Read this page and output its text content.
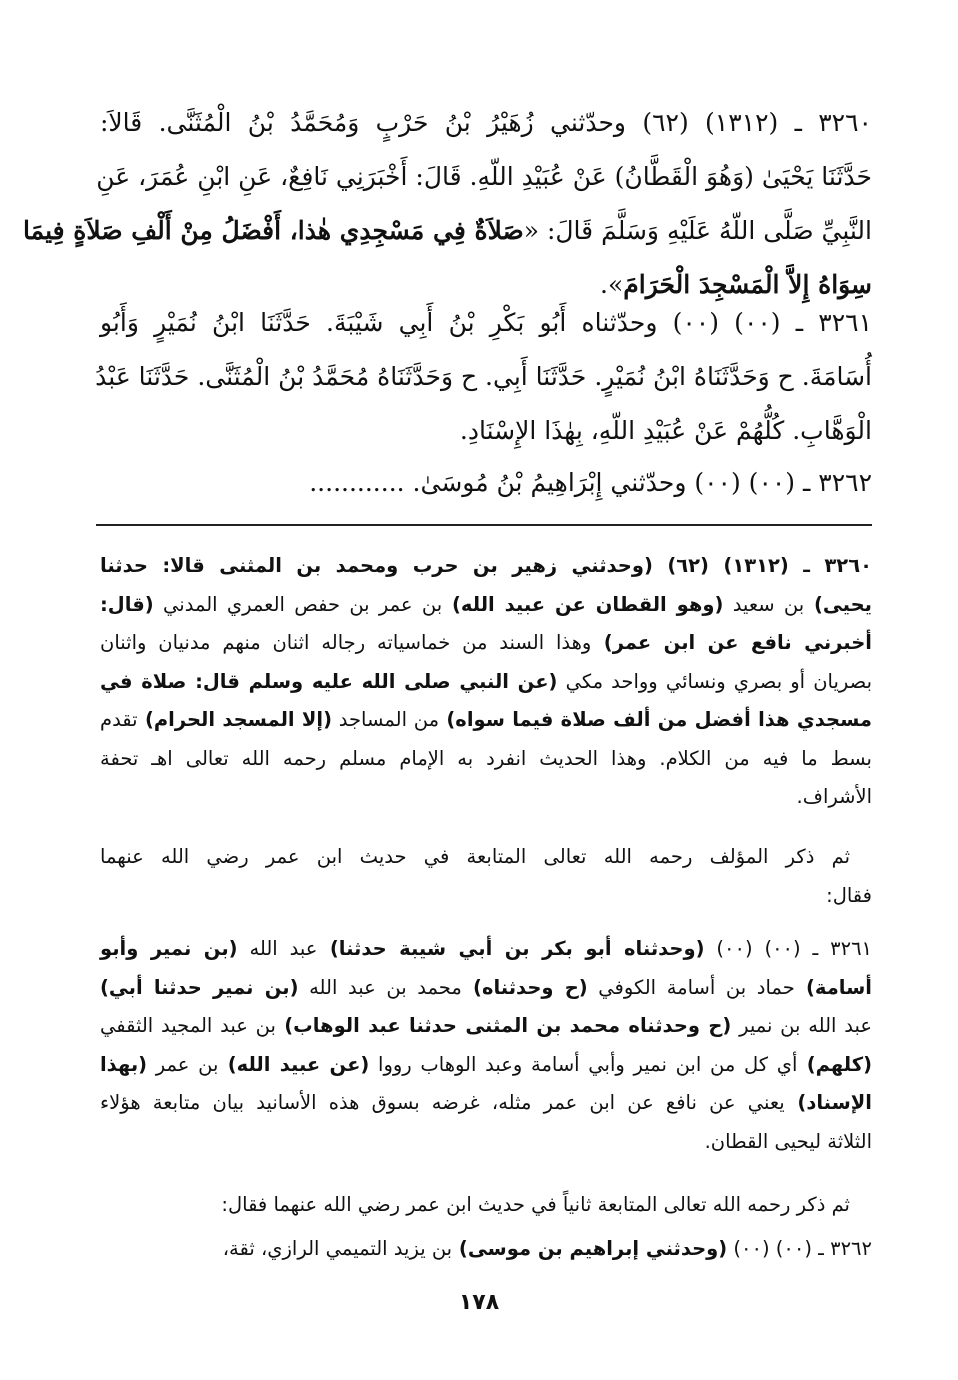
٣٢٦٠ ـ (١٣١٢) (٦٢) وحدّثني زُهَيْرُ بْنُ حَرْبٍ وَمُحَمَّدُ بْنُ الْمُثَنَّى. قَالاَ:
حَدَّثَنَا يَحْيَىٰ (وَهُوَ الْقَطَّانُ) عَنْ عُبَيْدِ اللّهِ. قَالَ: أَخْبَرَنِي نَافِعٌ، عَنِ ابْنِ عُمَرَ، عَنِ
النَّبِيِّ صَلَّى اللّهُ عَلَيْهِ وَسَلَّمَ قَالَ: «صَلاَةٌ فِي مَسْجِدِي هٰذا، أَفْضَلُ مِنْ أَلْفِ صَلاَةٍ فِيمَا
سِوَاهُ إِلاَّ الْمَسْجِدَ الْحَرَامَ».
٣٢٦١ ـ (٠٠) (٠٠) وحدّثناه أَبُو بَكْرِ بْنُ أَبِي شَيْبَةَ. حَدَّثَنَا ابْنُ نُمَيْرٍ وَأَبُو
أُسَامَةَ. ح وَحَدَّثَنَاهُ ابْنُ نُمَيْرٍ. حَدَّثَنَا أَبِي. ح وَحَدَّثَنَاهُ مُحَمَّدُ بْنُ الْمُثَنَّى. حَدَّثَنَا عَبْدُ
الْوَهَّابِ. كُلُّهُمْ عَنْ عُبَيْدِ اللّهِ، بِهٰذَا الإِسْنَادِ.
٣٢٦٢ ـ (٠٠) (٠٠) وحدّثني إِبْرَاهِيمُ بْنُ مُوسَىٰ. ............
٣٢٦٠ ـ (١٣١٢) (٦٢) (وحدثني زهير بن حرب ومحمد بن المثنى قالا: حدثنا
يحيى) بن سعيد (وهو القطان عن عبيد الله) بن عمر بن حفص العمري المدني (قال:
أخبرني نافع عن ابن عمر) وهذا السند من خماسياته رجاله اثنان منهم مدنيان واثنان
بصريان أو بصري ونسائي وواحد مكي (عن النبي صلى الله عليه وسلم قال: صلاة في
مسجدي هذا أفضل من ألف صلاة فيما سواه) من المساجد (إلا المسجد الحرام) تقدم
بسط ما فيه من الكلام. وهذا الحديث انفرد به الإمام مسلم رحمه الله تعالى اهـ تحفة
الأشراف.
ثم ذكر المؤلف رحمه الله تعالى المتابعة في حديث ابن عمر رضي الله عنهما
فقال:
٣٢٦١ ـ (٠٠) (٠٠) (وحدثناه أبو بكر بن أبي شيبة حدثنا) عبد الله (بن نمير وأبو
أسامة) حماد بن أسامة الكوفي (ح وحدثناه) محمد بن عبد الله (بن نمير حدثنا أبي)
عبد الله بن نمير (ح وحدثناه محمد بن المثنى حدثنا عبد الوهاب) بن عبد المجيد الثقفي
(كلهم) أي كل من ابن نمير وأبي أسامة وعبد الوهاب رووا (عن عبيد الله) بن عمر (بهذا
الإسناد) يعني عن نافع عن ابن عمر مثله، غرضه بسوق هذه الأسانيد بيان متابعة هؤلاء
الثلاثة ليحيى القطان.
ثم ذكر رحمه الله تعالى المتابعة ثانياً في حديث ابن عمر رضي الله عنهما فقال:
٣٢٦٢ ـ (٠٠) (٠٠) (وحدثني إبراهيم بن موسى) بن يزيد التميمي الرازي، ثقة،
١٧٨
